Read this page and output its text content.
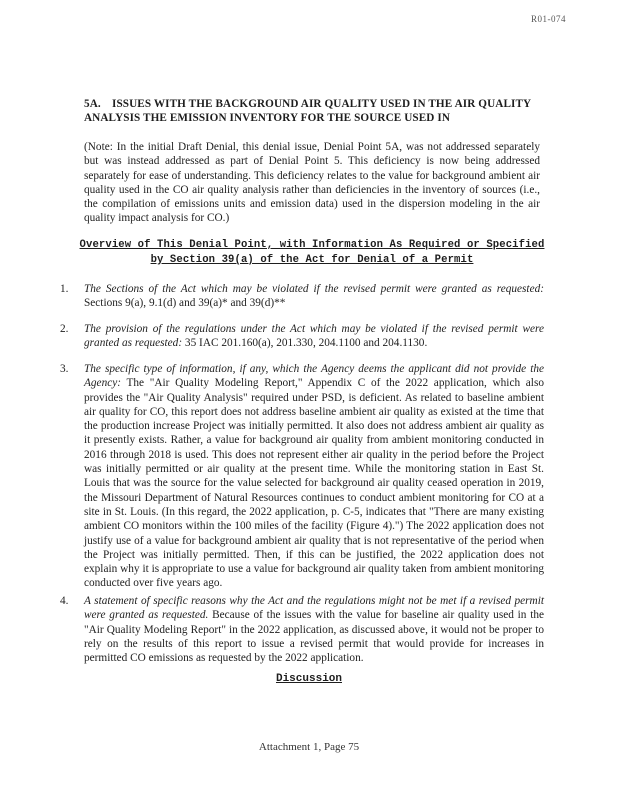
R01-074
5A. ISSUES WITH THE BACKGROUND AIR QUALITY USED IN THE AIR QUALITY ANALYSIS THE EMISSION INVENTORY FOR THE SOURCE USED IN
(Note: In the initial Draft Denial, this denial issue, Denial Point 5A, was not addressed separately but was instead addressed as part of Denial Point 5. This deficiency is now being addressed separately for ease of understanding. This deficiency relates to the value for background ambient air quality used in the CO air quality analysis rather than deficiencies in the inventory of sources (i.e., the compilation of emissions units and emission data) used in the dispersion modeling in the air quality impact analysis for CO.)
Overview of This Denial Point, with Information As Required or Specified by Section 39(a) of the Act for Denial of a Permit
1.	The Sections of the Act which may be violated if the revised permit were granted as requested: Sections 9(a), 9.1(d) and 39(a)* and 39(d)**
2.	The provision of the regulations under the Act which may be violated if the revised permit were granted as requested: 35 IAC 201.160(a), 201.330, 204.1100 and 204.1130.
3.	The specific type of information, if any, which the Agency deems the applicant did not provide the Agency: The "Air Quality Modeling Report," Appendix C of the 2022 application, which also provides the "Air Quality Analysis" required under PSD, is deficient. As related to baseline ambient air quality for CO, this report does not address baseline ambient air quality as existed at the time that the production increase Project was initially permitted. It also does not address ambient air quality as it presently exists. Rather, a value for background air quality from ambient monitoring conducted in 2016 through 2018 is used. This does not represent either air quality in the period before the Project was initially permitted or air quality at the present time. While the monitoring station in East St. Louis that was the source for the value selected for background air quality ceased operation in 2019, the Missouri Department of Natural Resources continues to conduct ambient monitoring for CO at a site in St. Louis. (In this regard, the 2022 application, p. C-5, indicates that "There are many existing ambient CO monitors within the 100 miles of the facility (Figure 4).") The 2022 application does not justify use of a value for background ambient air quality that is not representative of the period when the Project was initially permitted. Then, if this can be justified, the 2022 application does not explain why it is appropriate to use a value for background air quality taken from ambient monitoring conducted over five years ago.
4.	A statement of specific reasons why the Act and the regulations might not be met if a revised permit were granted as requested. Because of the issues with the value for baseline air quality used in the "Air Quality Modeling Report" in the 2022 application, as discussed above, it would not be proper to rely on the results of this report to issue a revised permit that would provide for increases in permitted CO emissions as requested by the 2022 application.
Discussion
Attachment 1, Page 75
